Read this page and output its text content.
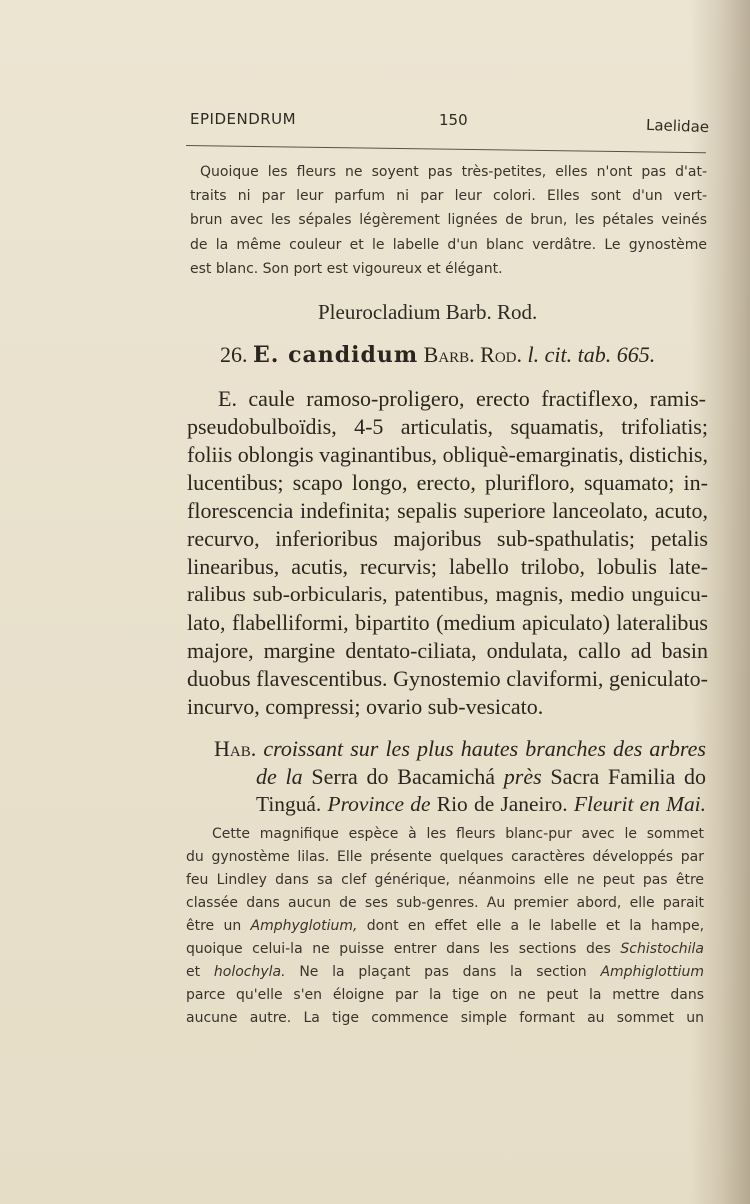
EPIDENDRUM	150	Laelidae
Quoique les fleurs ne soyent pas très-petites, elles n'ont pas d'at-
traits ni par leur parfum ni par leur colori. Elles sont d'un vert-
brun avec les sépales légèrement lignées de brun, les pétales veinés
de la même couleur et le labelle d'un blanc verdâtre. Le gynostème
est blanc. Son port est vigoureux et élégant.
Pleurocladium Barb. Rod.
26. E. candidum Barb. Rod. l. cit. tab. 665.
E. caule ramoso-proligero, erecto fractiflexo, ramis-
pseudobulboïdis, 4-5 articulatis, squamatis, trifoliatis;
foliis oblongis vaginantibus, obliquè-emarginatis, distichis,
lucentibus; scapo longo, erecto, plurifloro, squamato; in-
florescencia indefinita; sepalis superiore lanceolato, acuto,
recurvo, inferioribus majoribus sub-spathulatis; petalis
linearibus, acutis, recurvis; labello trilobo, lobulis late-
ralibus sub-orbicularis, patentibus, magnis, medio unguicu-
lato, flabelliformi, bipartito (medium apiculato) lateralibus
majore, margine dentato-ciliata, ondulata, callo ad basin
duobus flavescentibus. Gynostemio claviformi, geniculato-
incurvo, compressi; ovario sub-vesicato.
Hab. croissant sur les plus hautes branches des arbres
de la Serra do Bacamichá près Sacra Familia do
Tinguá. Province de Rio de Janeiro. Fleurit en Mai.
Cette magnifique espèce à les fleurs blanc-pur avec le sommet
du gynostème lilas. Elle présente quelques caractères développés par
feu Lindley dans sa clef générique, néanmoins elle ne peut pas être
classée dans aucun de ses sub-genres. Au premier abord, elle parait
être un Amphyglotium, dont en effet elle a le labelle et la hampe,
quoique celui-la ne puisse entrer dans les sections des Schistochila
et holochyla. Ne la plaçant pas dans la section Amphiglottium
parce qu'elle s'en éloigne par la tige on ne peut la mettre dans
aucune autre. La tige commence simple formant au sommet un
